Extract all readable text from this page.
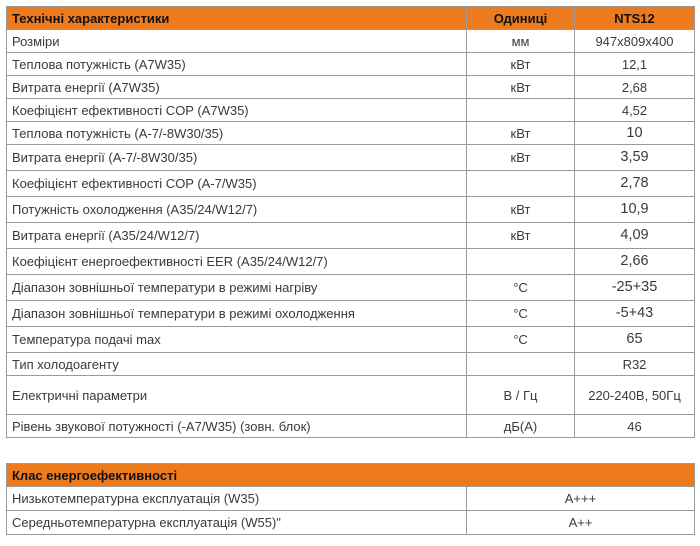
Технічні характеристики	Одиниці	NTS12
Розміри	мм	947x809x400
Теплова потужність (A7W35)	кВт	12,1
Витрата енергії (A7W35)	кВт	2,68
Коефіцієнт ефективності COP (A7W35)		4,52
Теплова потужність (A-7/-8W30/35)	кВт	10
Витрата енергії (A-7/-8W30/35)	кВт	3,59
Коефіцієнт ефективності COP (A-7/W35)		2,78
Потужність охолодження (A35/24/W12/7)	кВт	10,9
Витрата енергії (A35/24/W12/7)	кВт	4,09
Коефіцієнт енергоефективності EER (A35/24/W12/7)		2,66
Діапазон зовнішньої температури в режимі нагріву	°C	-25+35
Діапазон зовнішньої температури в режимі охолодження	°C	-5+43
Температура подачі max	°C	65
Тип холодоагенту		R32
Електричні параметри	В / Гц	220-240В, 50Гц
Рівень звукової потужності (-A7/W35) (зовн. блок)	дБ(А)	46
Клас енергоефективності	
Низькотемпературна експлуатація (W35)	A+++
Середньотемпературна експлуатація (W55)"	A++
